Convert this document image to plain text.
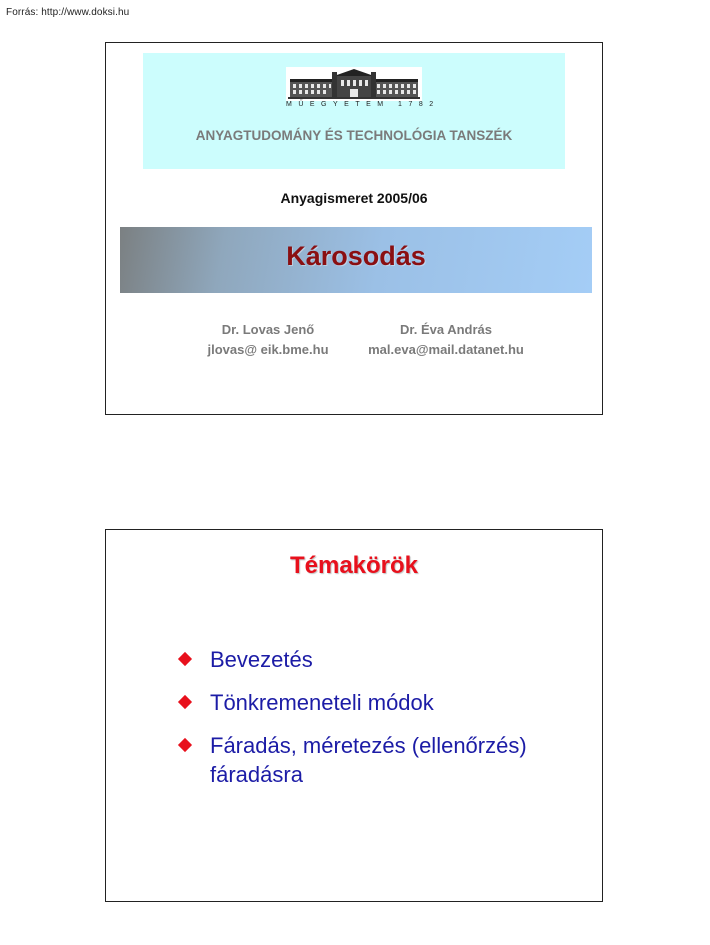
Forrás: http://www.doksi.hu
MŰEGYETEM 1782
ANYAGTUDOMÁNY ÉS TECHNOLÓGIA TANSZÉK
Anyagismeret 2005/06
Károsodás
Dr. Lovas Jenő
jlovas@ eik.bme.hu
Dr. Éva András
mal.eva@mail.datanet.hu
Témakörök
Bevezetés
Tönkremeneteli módok
Fáradás, méretezés (ellenőrzés) fáradásra
